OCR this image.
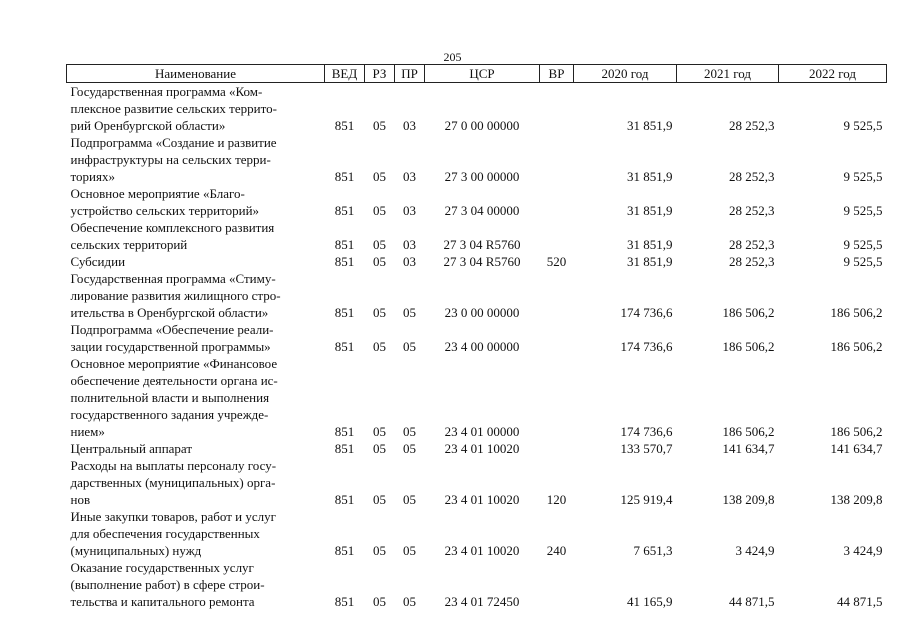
205
Наименование	ВЕД	РЗ	ПР	ЦСР	ВР	2020 год	2021 год	2022 год

Государственная программа «Ком-
плексное развитие сельских террито-
рий Оренбургской области»	851	05	03	27 0 00 00000		31 851,9	28 252,3	9 525,5

Подпрограмма «Создание и развитие
инфраструктуры на сельских терри-
ториях»	851	05	03	27 3 00 00000		31 851,9	28 252,3	9 525,5

Основное мероприятие «Благо-
устройство сельских территорий»	851	05	03	27 3 04 00000		31 851,9	28 252,3	9 525,5

Обеспечение комплексного развития
сельских территорий	851	05	03	27 3 04 R5760		31 851,9	28 252,3	9 525,5

Субсидии	851	05	03	27 3 04 R5760	520	31 851,9	28 252,3	9 525,5

Государственная программа «Стиму-
лирование развития жилищного стро-
ительства в Оренбургской области»	851	05	05	23 0 00 00000		174 736,6	186 506,2	186 506,2

Подпрограмма «Обеспечение реали-
зации государственной программы»	851	05	05	23 4 00 00000		174 736,6	186 506,2	186 506,2

Основное мероприятие «Финансовое
обеспечение деятельности органа ис-
полнительной власти и выполнения
государственного задания учрежде-
нием»	851	05	05	23 4 01 00000		174 736,6	186 506,2	186 506,2

Центральный аппарат	851	05	05	23 4 01 10020		133 570,7	141 634,7	141 634,7

Расходы на выплаты персоналу госу-
дарственных (муниципальных) орга-
нов	851	05	05	23 4 01 10020	120	125 919,4	138 209,8	138 209,8

Иные закупки товаров, работ и услуг
для обеспечения государственных
(муниципальных) нужд	851	05	05	23 4 01 10020	240	7 651,3	3 424,9	3 424,9

Оказание государственных услуг
(выполнение работ) в сфере строи-
тельства и капитального ремонта	851	05	05	23 4 01 72450		41 165,9	44 871,5	44 871,5
